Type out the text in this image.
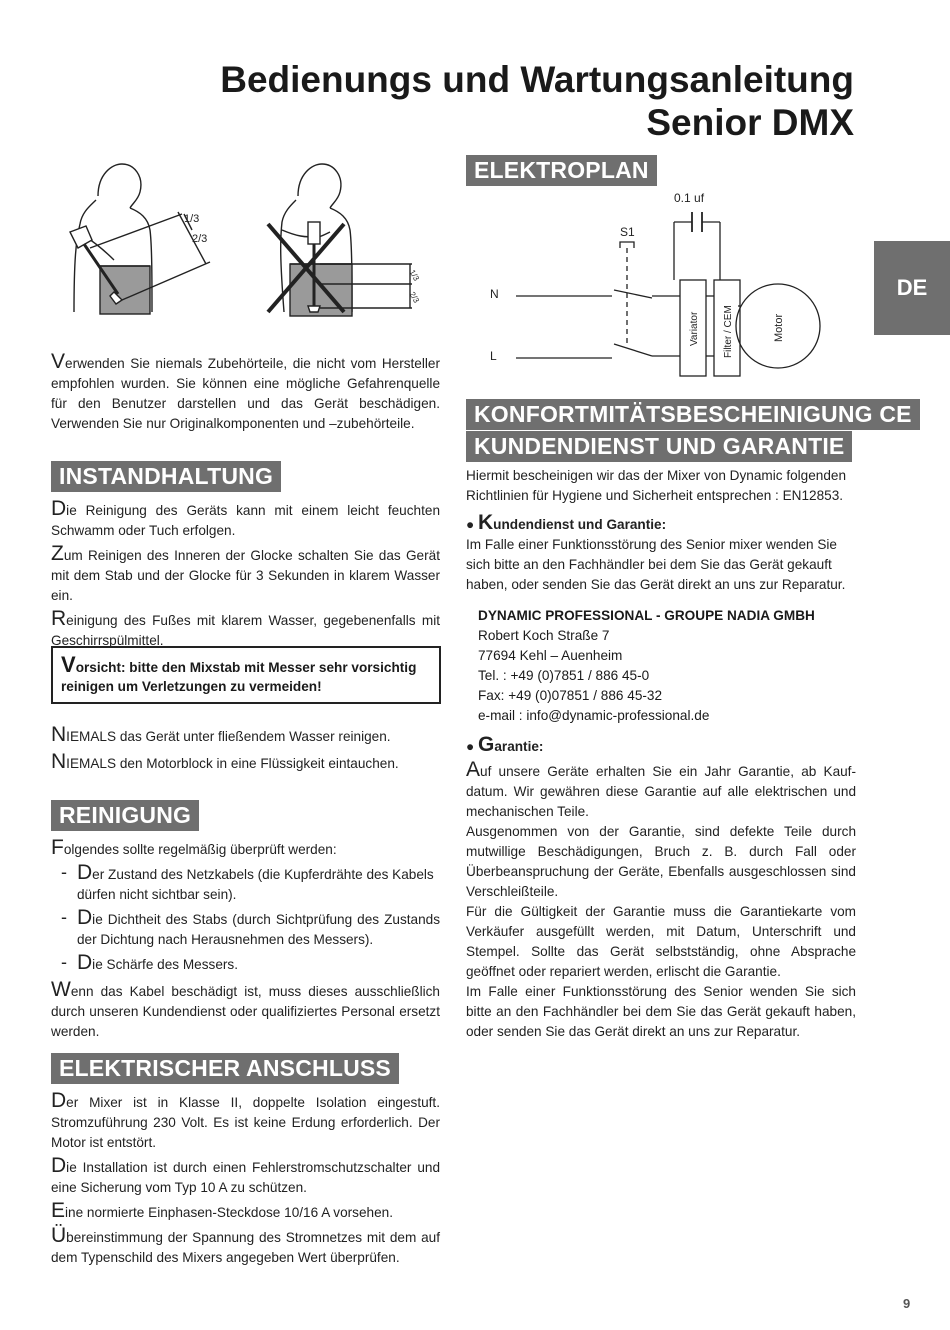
Bedienungs und Wartungsanleitung
Senior DMX
DE
1/3
2/3
1/3
2/3

Verwenden Sie niemals Zubehörteile, die nicht vom Hersteller empfohlen wurden. Sie können eine mögliche Gefahrenquelle für den Benutzer darstellen und das Gerät beschädigen. Verwenden Sie nur Originalkomponenten und –zubehörteile.

INSTANDHALTUNG

Die Reinigung des Geräts kann mit einem leicht feuchten Schwamm oder Tuch erfolgen.

Zum Reinigen des Inneren der Glocke schalten Sie das Gerät mit dem Stab und der Glocke für 3 Sekunden in klarem Wasser ein.

Reinigung des Fußes mit klarem Wasser, gegebenenfalls mit Geschirrspülmittel.

Vorsicht: bitte den Mixstab mit Messer sehr vorsichtig reinigen um Verletzungen zu vermeiden!

NIEMALS das Gerät unter fließendem Wasser reinigen.

NIEMALS den Motorblock in eine Flüssigkeit eintauchen.

REINIGUNG

Folgendes sollte regelmäßig überprüft werden:

- Der Zustand des Netzkabels (die Kupferdrähte des Kabels dürfen nicht sichtbar sein).
- Die Dichtheit des Stabs (durch Sichtprüfung des Zustands der Dichtung nach Herausnehmen des Messers).
- Die Schärfe des Messers.

Wenn das Kabel beschädigt ist, muss dieses ausschließlich durch unseren Kundendienst oder qualifiziertes Personal ersetzt werden.

ELEKTRISCHER ANSCHLUSS

Der Mixer ist in Klasse II, doppelte Isolation eingestuft. Stromzuführung 230 Volt. Es ist keine Erdung erforderlich. Der Motor ist entstört.

Die Installation ist durch einen Fehlerstromschutzschalter und eine Sicherung vom Typ 10 A zu schützen.

Eine normierte Einphasen-Steckdose 10/16 A vorsehen.

Übereinstimmung der Spannung des Stromnetzes mit dem auf dem Typenschild des Mixers angegeben Wert überprüfen.

ELEKTROPLAN
0.1 uf
S1
N
L
Variator Filter / CEM	Motor
KONFORTMITÄTSBESCHEINIGUNG CE
KUNDENDIENST UND GARANTIE

Hiermit bescheinigen wir das der Mixer von Dynamic folgenden Richtlinien für Hygiene und Sicherheit entsprechen : EN12853.

● Kundendienst und Garantie:

Im Falle einer Funktionsstörung des Senior mixer wenden Sie sich bitte an den Fachhändler bei dem Sie das Gerät gekauft haben, oder senden Sie das Gerät direkt an uns zur Reparatur.

DYNAMIC PROFESSIONAL - GROUPE NADIA GMBH
Robert Koch Straße 7
77694 Kehl – Auenheim
Tel. : +49 (0)7851 / 886 45-0
Fax: +49 (0)07851 / 886 45-32
e-mail : info@dynamic-professional.de

● Garantie:

Auf unsere Geräte erhalten Sie ein Jahr Garantie, ab Kauf-datum. Wir gewähren diese Garantie auf alle elektrischen und mechanischen Teile.

Ausgenommen von der Garantie, sind defekte Teile durch mutwillige Beschädigungen, Bruch z. B. durch Fall oder Überbeanspruchung der Geräte, Ebenfalls ausgeschlossen sind Verschleißteile.

Für die Gültigkeit der Garantie muss die Garantiekarte vom Verkäufer ausgefüllt werden, mit Datum, Unterschrift und Stempel. Sollte das Gerät selbstständig, ohne Absprache geöffnet oder repariert werden, erlischt die Garantie.

Im Falle einer Funktionsstörung des Senior wenden Sie sich bitte an den Fachhändler bei dem Sie das Gerät gekauft haben, oder senden Sie das Gerät direkt an uns zur Reparatur.

9
